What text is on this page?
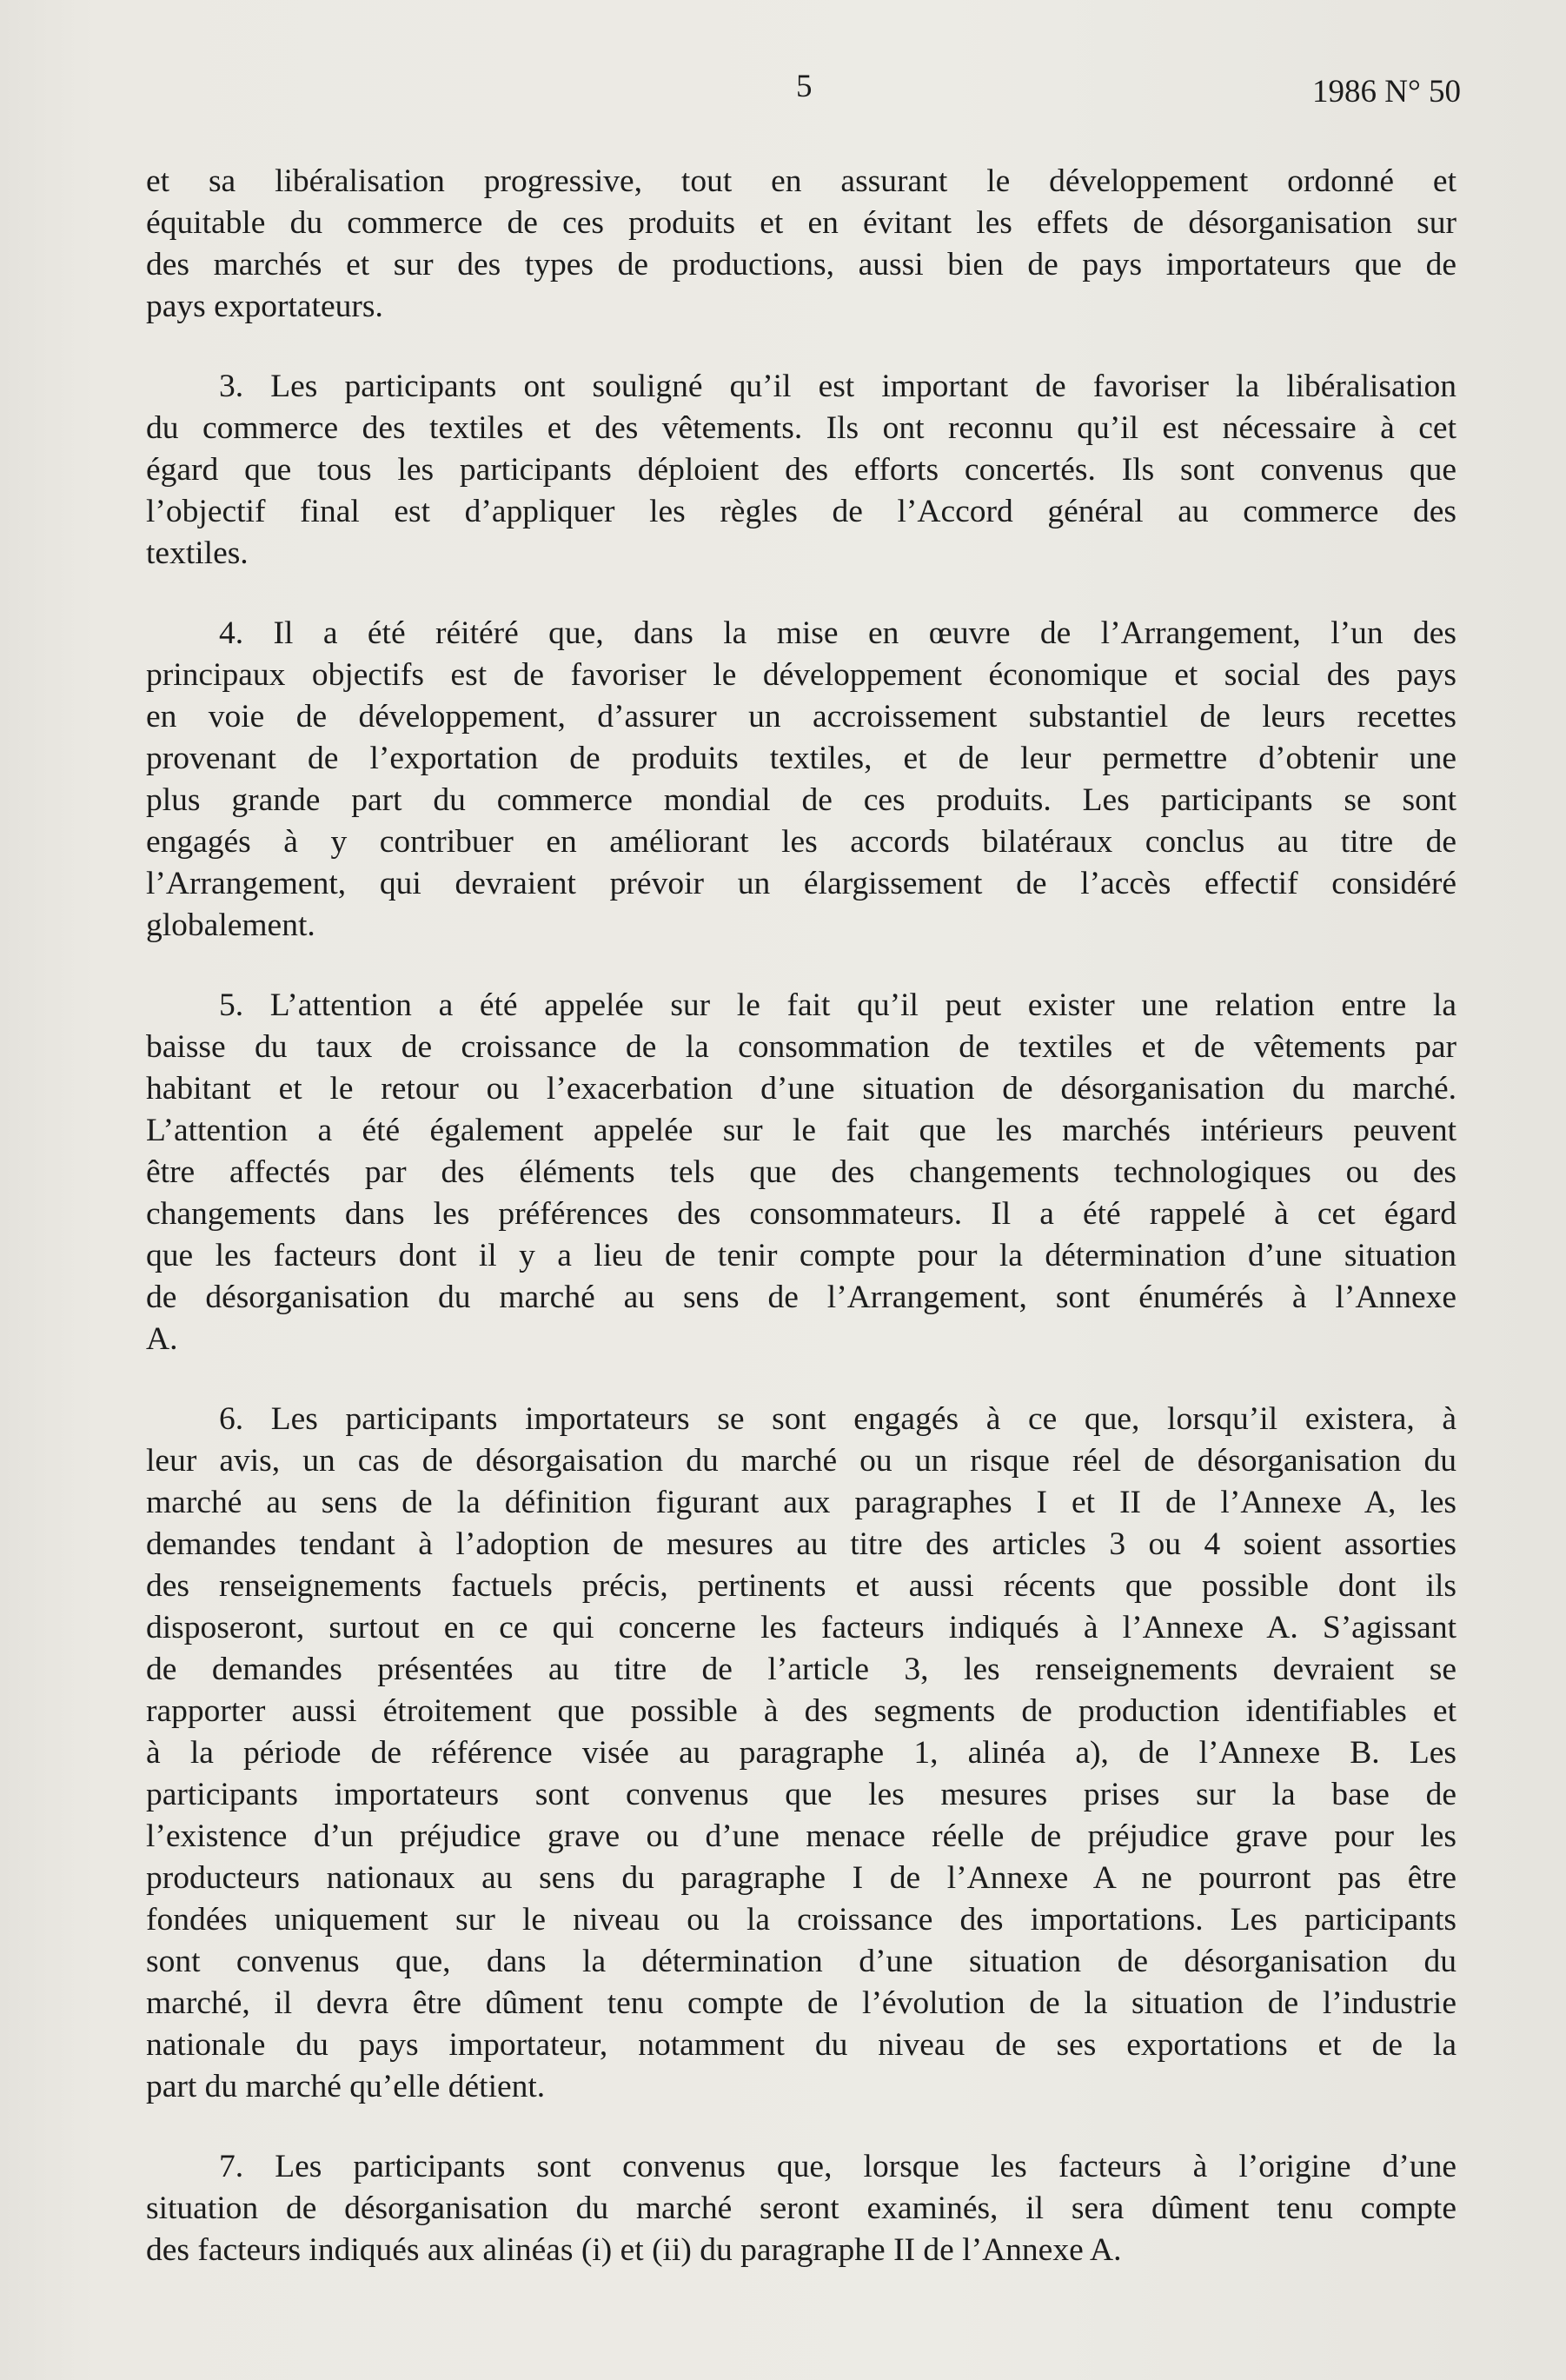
5	1986 N° 50
et sa libéralisation progressive, tout en assurant le développement ordonné et
équitable du commerce de ces produits et en évitant les effets de désorganisation sur
des marchés et sur des types de productions, aussi bien de pays importateurs que de
pays exportateurs.
3. Les participants ont souligné qu’il est important de favoriser la libéralisation
du commerce des textiles et des vêtements. Ils ont reconnu qu’il est nécessaire à cet
égard que tous les participants déploient des efforts concertés. Ils sont convenus que
l’objectif final est d’appliquer les règles de l’Accord général au commerce des
textiles.
4. Il a été réitéré que, dans la mise en œuvre de l’Arrangement, l’un des
principaux objectifs est de favoriser le développement économique et social des pays
en voie de développement, d’assurer un accroissement substantiel de leurs recettes
provenant de l’exportation de produits textiles, et de leur permettre d’obtenir une
plus grande part du commerce mondial de ces produits. Les participants se sont
engagés à y contribuer en améliorant les accords bilatéraux conclus au titre de
l’Arrangement, qui devraient prévoir un élargissement de l’accès effectif considéré
globalement.
5. L’attention a été appelée sur le fait qu’il peut exister une relation entre la
baisse du taux de croissance de la consommation de textiles et de vêtements par
habitant et le retour ou l’exacerbation d’une situation de désorganisation du marché.
L’attention a été également appelée sur le fait que les marchés intérieurs peuvent
être affectés par des éléments tels que des changements technologiques ou des
changements dans les préférences des consommateurs. Il a été rappelé à cet égard
que les facteurs dont il y a lieu de tenir compte pour la détermination d’une situation
de désorganisation du marché au sens de l’Arrangement, sont énumérés à l’Annexe
A.
6. Les participants importateurs se sont engagés à ce que, lorsqu’il existera, à
leur avis, un cas de désorgaisation du marché ou un risque réel de désorganisation du
marché au sens de la définition figurant aux paragraphes I et II de l’Annexe A, les
demandes tendant à l’adoption de mesures au titre des articles 3 ou 4 soient assorties
des renseignements factuels précis, pertinents et aussi récents que possible dont ils
disposeront, surtout en ce qui concerne les facteurs indiqués à l’Annexe A. S’agissant
de demandes présentées au titre de l’article 3, les renseignements devraient se
rapporter aussi étroitement que possible à des segments de production identifiables et
à la période de référence visée au paragraphe 1, alinéa a), de l’Annexe B. Les
participants importateurs sont convenus que les mesures prises sur la base de
l’existence d’un préjudice grave ou d’une menace réelle de préjudice grave pour les
producteurs nationaux au sens du paragraphe I de l’Annexe A ne pourront pas être
fondées uniquement sur le niveau ou la croissance des importations. Les participants
sont convenus que, dans la détermination d’une situation de désorganisation du
marché, il devra être dûment tenu compte de l’évolution de la situation de l’industrie
nationale du pays importateur, notamment du niveau de ses exportations et de la
part du marché qu’elle détient.
7. Les participants sont convenus que, lorsque les facteurs à l’origine d’une
situation de désorganisation du marché seront examinés, il sera dûment tenu compte
des facteurs indiqués aux alinéas (i) et (ii) du paragraphe II de l’Annexe A.
